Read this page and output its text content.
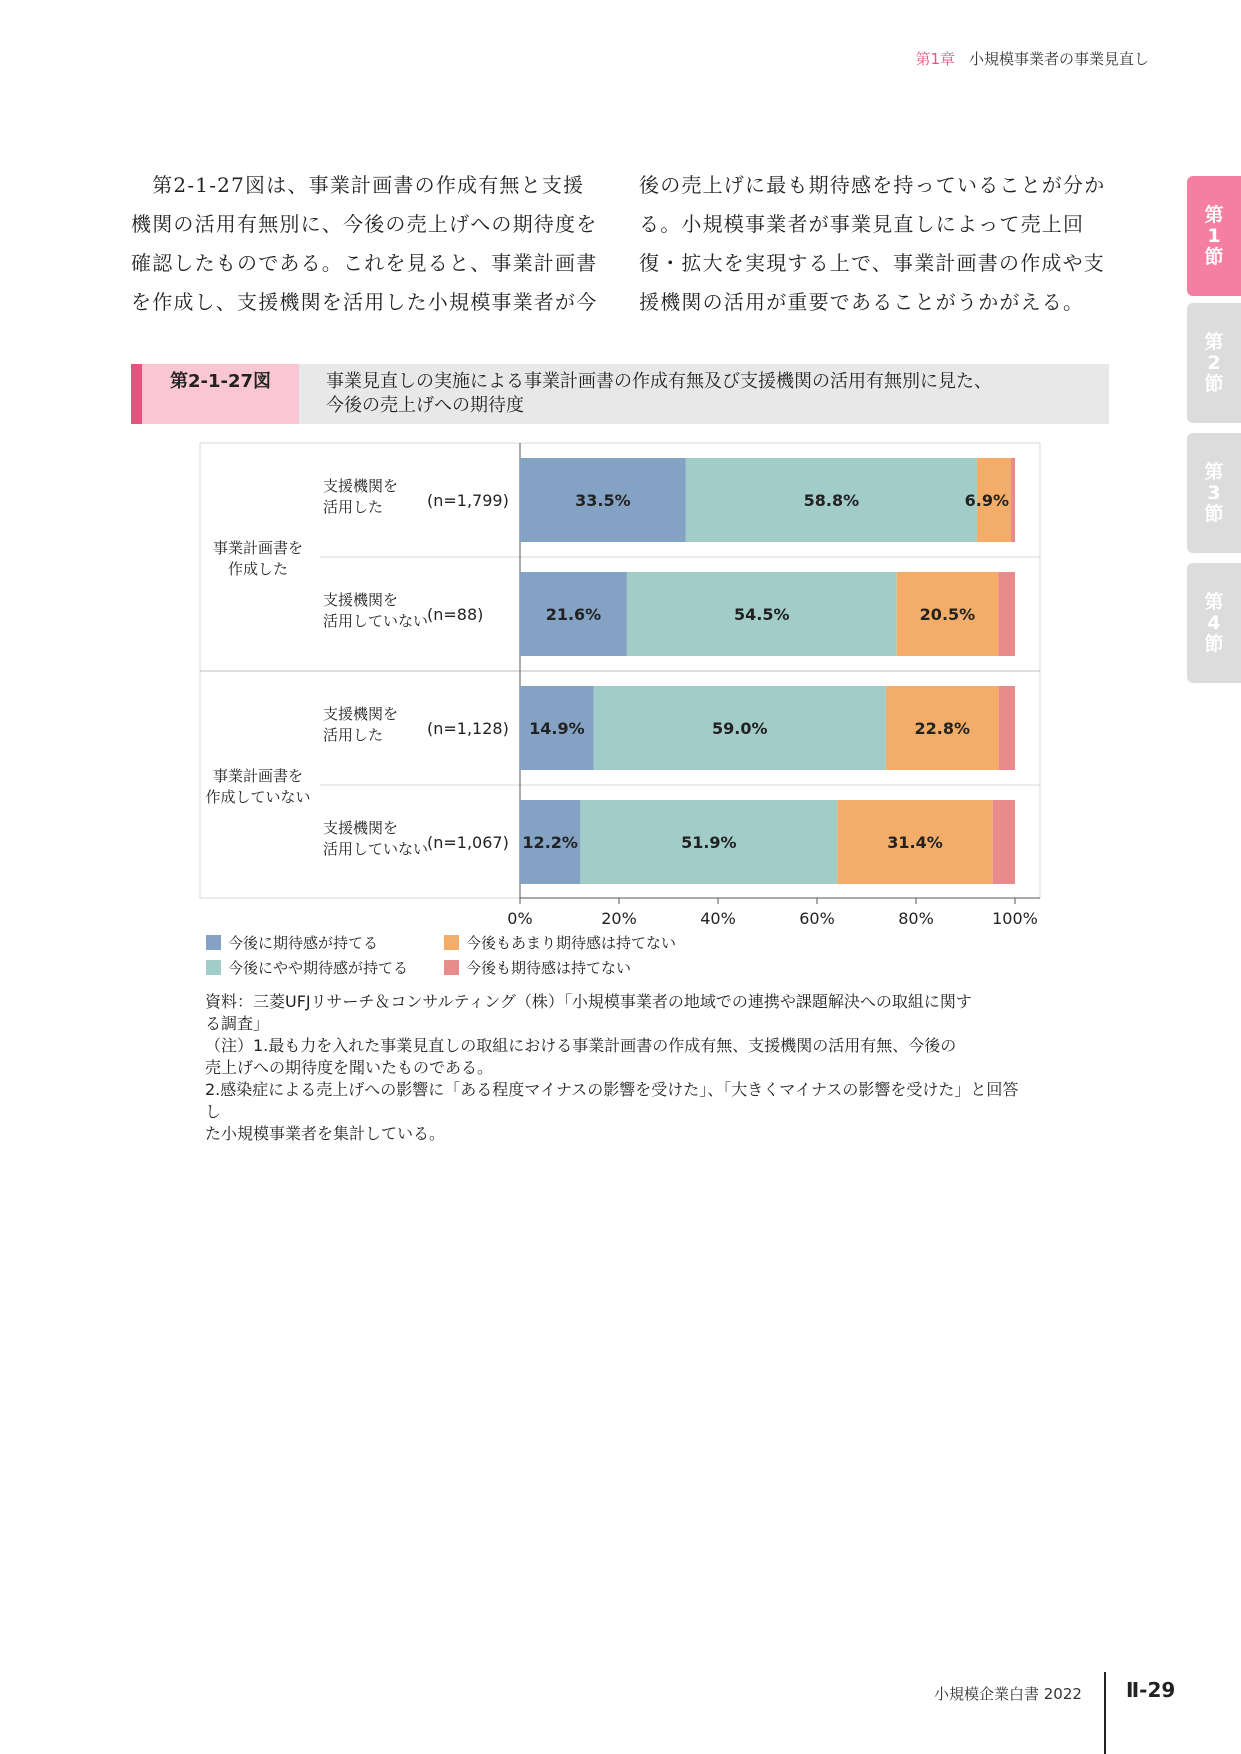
第1章 小規模事業者の事業見直し
第
1
節
第
2
節
第
3
節
第
4
節
　第2-1-27図は、事業計画書の作成有無と支援
機関の活用有無別に、今後の売上げへの期待度を
確認したものである。これを見ると、事業計画書
を作成し、支援機関を活用した小規模事業者が今
後の売上げに最も期待感を持っていることが分か
る。小規模事業者が事業見直しによって売上回
復・拡大を実現する上で、事業計画書の作成や支
援機関の活用が重要であることがうかがえる。
第2-1-27図	事業見直しの実施による事業計画書の作成有無及び支援機関の活用有無別に見た、
今後の売上げへの期待度
0%	20%	40%	60%	80%	100%
事業計画書を
作成した
事業計画書を
作成していない
支援機関を
活用した	(n=1,799)	33.5%	58.8%	6.9%
支援機関を
活用していない
(n=88)	21.6%	54.5%	20.5%
支援機関を
活用した	(n=1,128) 14.9%	59.0%	22.8%
支援機関を
活用していない
(n=1,067) 12.2%	51.9%	31.4%
今後に期待感が持てる
今後にやや期待感が持てる
今後もあまり期待感は持てない
今後も期待感は持てない
資料：三菱UFJリサーチ＆コンサルティング（株）「小規模事業者の地域での連携や課題解決への取組に関す
る調査」
（注）1.最も力を入れた事業見直しの取組における事業計画書の作成有無、支援機関の活用有無、今後の
売上げへの期待度を聞いたものである。
2.感染症による売上げへの影響に「ある程度マイナスの影響を受けた」、「大きくマイナスの影響を受けた」と回答し
た小規模事業者を集計している。
小規模企業白書 2022 Ⅱ-29
